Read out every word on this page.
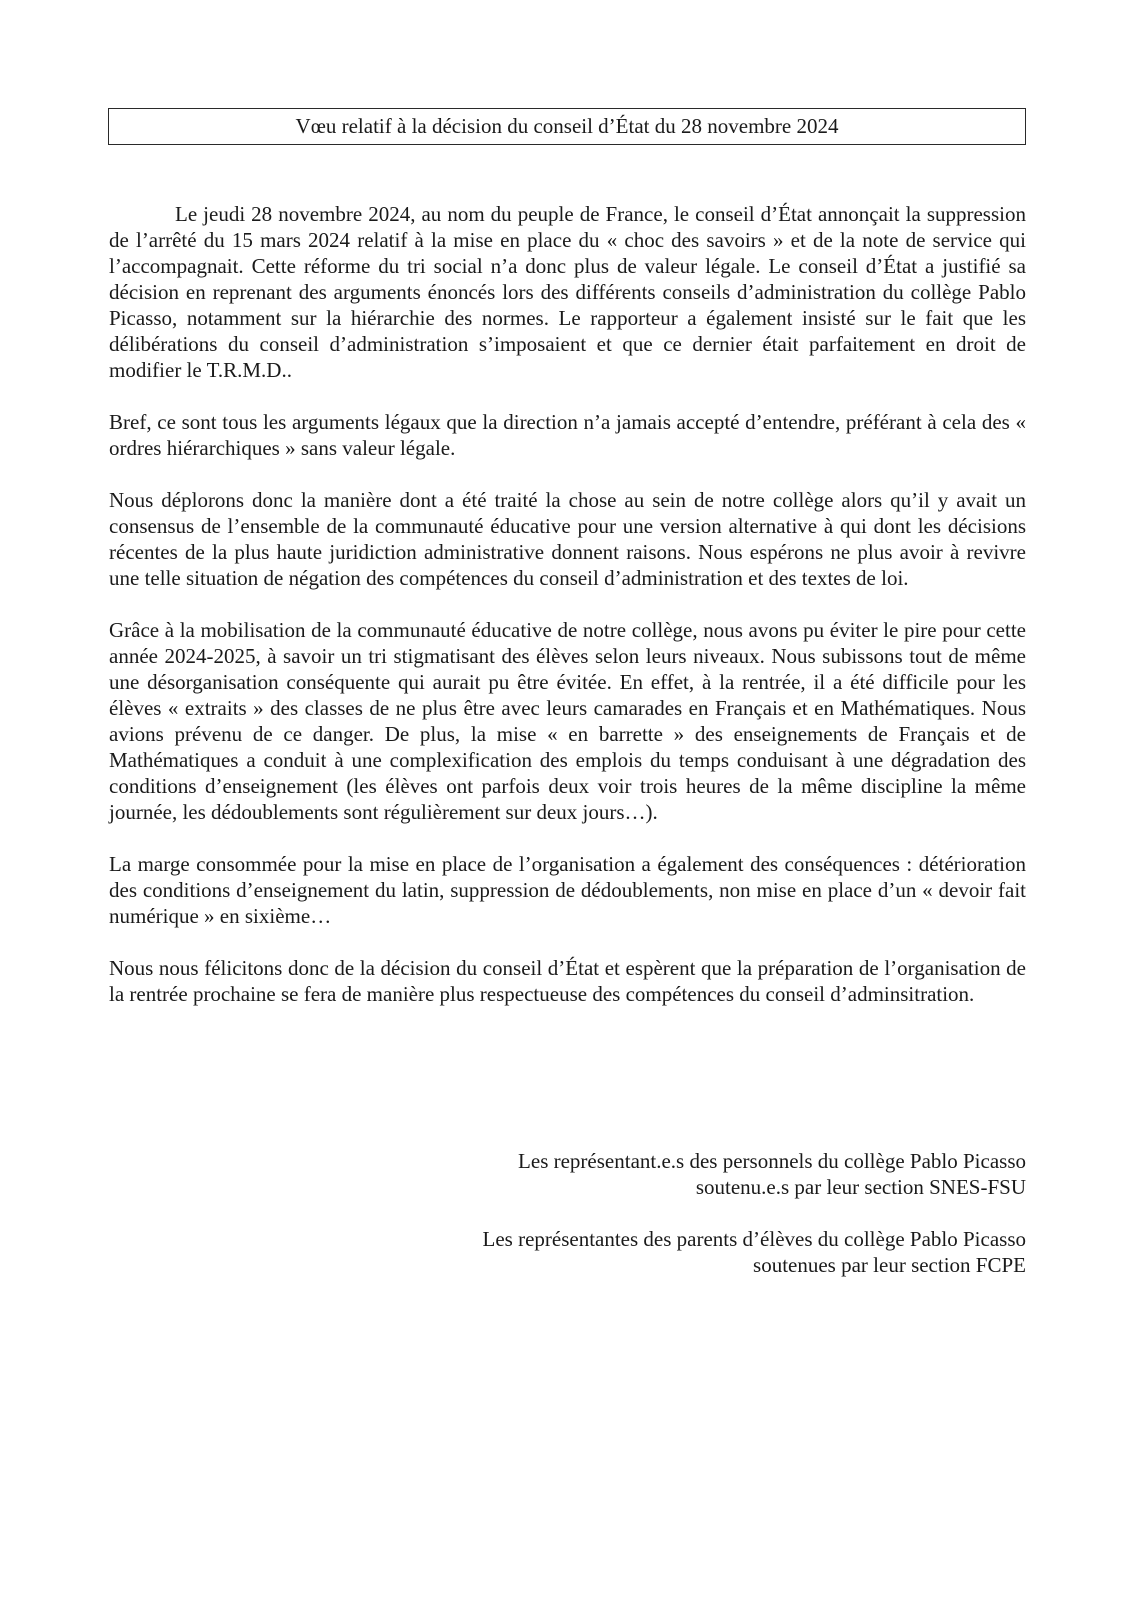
Vœu relatif à la décision du conseil d’État du 28 novembre 2024

Le jeudi 28 novembre 2024, au nom du peuple de France, le conseil d’État annonçait la suppression de l’arrêté du 15 mars 2024 relatif à la mise en place du « choc des savoirs » et de la note de service qui l’accompagnait. Cette réforme du tri social n’a donc plus de valeur légale. Le conseil d’État a justifié sa décision en reprenant des arguments énoncés lors des différents conseils d’administration du collège Pablo Picasso, notamment sur la hiérarchie des normes. Le rapporteur a également insisté sur le fait que les délibérations du conseil d’administration s’imposaient et que ce dernier était parfaitement en droit de modifier le T.R.M.D..

Bref, ce sont tous les arguments légaux que la direction n’a jamais accepté d’entendre, préférant à cela des « ordres hiérarchiques » sans valeur légale.

Nous déplorons donc la manière dont a été traité la chose au sein de notre collège alors qu’il y avait un consensus de l’ensemble de la communauté éducative pour une version alternative à qui dont les décisions récentes de la plus haute juridiction administrative donnent raisons. Nous espérons ne plus avoir à revivre une telle situation de négation des compétences du conseil d’administration et des textes de loi.

Grâce à la mobilisation de la communauté éducative de notre collège, nous avons pu éviter le pire pour cette année 2024-2025, à savoir un tri stigmatisant des élèves selon leurs niveaux. Nous subissons tout de même une désorganisation conséquente qui aurait pu être évitée. En effet, à la rentrée, il a été difficile pour les élèves « extraits » des classes de ne plus être avec leurs camarades en Français et en Mathématiques. Nous avions prévenu de ce danger. De plus, la mise « en barrette » des enseignements de Français et de Mathématiques a conduit à une complexification des emplois du temps conduisant à une dégradation des conditions d’enseignement (les élèves ont parfois deux voir trois heures de la même discipline la même journée, les dédoublements sont régulièrement sur deux jours…).

La marge consommée pour la mise en place de l’organisation a également des conséquences : détérioration des conditions d’enseignement du latin, suppression de dédoublements, non mise en place d’un « devoir fait numérique » en sixième…

Nous nous félicitons donc de la décision du conseil d’État et espèrent que la préparation de l’organisation de la rentrée prochaine se fera de manière plus respectueuse des compétences du conseil d’adminsitration.

Les représentant.e.s des personnels du collège Pablo Picasso
soutenu.e.s par leur section SNES-FSU
Les représentantes des parents d’élèves du collège Pablo Picasso
soutenues par leur section FCPE
